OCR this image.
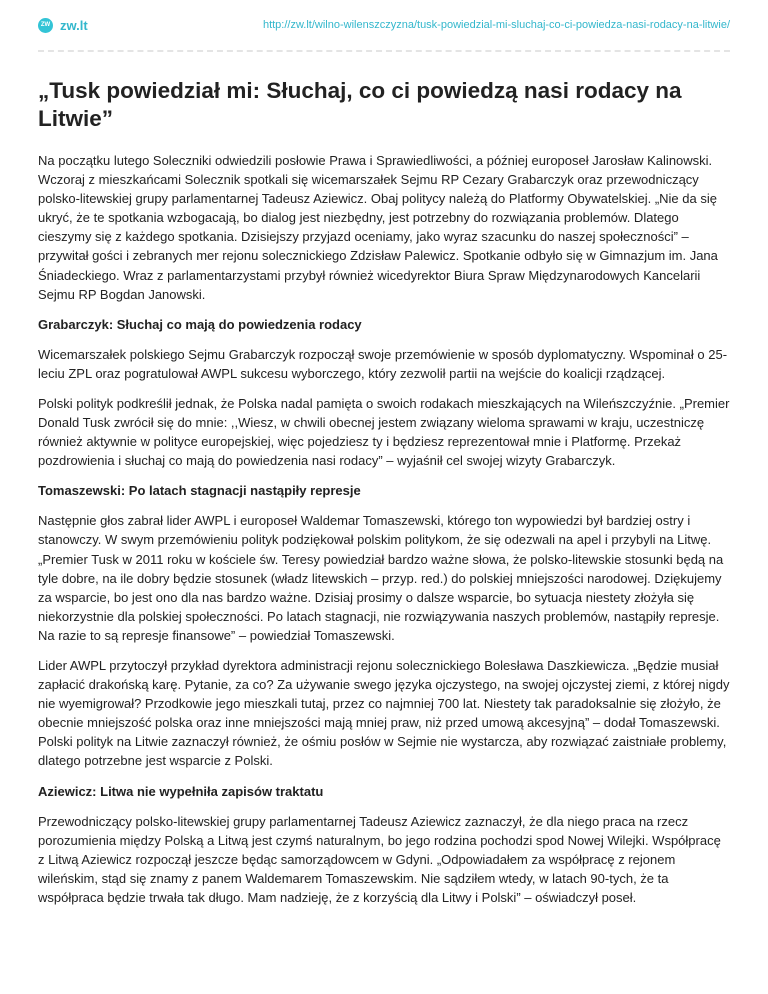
ZW zw.lt	http://zw.lt/wilno-wilenszczyzna/tusk-powiedzial-mi-sluchaj-co-ci-powiedza-nasi-rodacy-na-litwie/
„Tusk powiedział mi: Słuchaj, co ci powiedzą nasi rodacy na Litwie”

Na początku lutego Soleczniki odwiedzili posłowie Prawa i Sprawiedliwości, a później europoseł Jarosław Kalinowski. Wczoraj z mieszkańcami Solecznik spotkali się wicemarszałek Sejmu RP Cezary Grabarczyk oraz przewodniczący polsko-litewskiej grupy parlamentarnej Tadeusz Aziewicz. Obaj politycy należą do Platformy Obywatelskiej. „Nie da się ukryć, że te spotkania wzbogacają, bo dialog jest niezbędny, jest potrzebny do rozwiązania problemów. Dlatego cieszymy się z każdego spotkania. Dzisiejszy przyjazd oceniamy, jako wyraz szacunku do naszej społeczności” – przywitał gości i zebranych mer rejonu solecznickiego Zdzisław Palewicz. Spotkanie odbyło się w Gimnazjum im. Jana Śniadeckiego. Wraz z parlamentarzystami przybył również wicedyrektor Biura Spraw Międzynarodowych Kancelarii Sejmu RP Bogdan Janowski.

Grabarczyk: Słuchaj co mają do powiedzenia rodacy

Wicemarszałek polskiego Sejmu Grabarczyk rozpoczął swoje przemówienie w sposób dyplomatyczny. Wspominał o 25-leciu ZPL oraz pogratulował AWPL sukcesu wyborczego, który zezwolił partii na wejście do koalicji rządzącej.

Polski polityk podkreślił jednak, że Polska nadal pamięta o swoich rodakach mieszkających na Wileńszczyźnie. „Premier Donald Tusk zwrócił się do mnie: ,,Wiesz, w chwili obecnej jestem związany wieloma sprawami w kraju, uczestniczę również aktywnie w polityce europejskiej, więc pojedziesz ty i będziesz reprezentował mnie i Platformę. Przekaż pozdrowienia i słuchaj co mają do powiedzenia nasi rodacy” – wyjaśnił cel swojej wizyty Grabarczyk.

Tomaszewski: Po latach stagnacji nastąpiły represje

Następnie głos zabrał lider AWPL i europoseł Waldemar Tomaszewski, którego ton wypowiedzi był bardziej ostry i stanowczy. W swym przemówieniu polityk podziękował polskim politykom, że się odezwali na apel i przybyli na Litwę. „Premier Tusk w 2011 roku w kościele św. Teresy powiedział bardzo ważne słowa, że polsko-litewskie stosunki będą na tyle dobre, na ile dobry będzie stosunek (władz litewskich – przyp. red.) do polskiej mniejszości narodowej. Dziękujemy za wsparcie, bo jest ono dla nas bardzo ważne. Dzisiaj prosimy o dalsze wsparcie, bo sytuacja niestety złożyła się niekorzystnie dla polskiej społeczności. Po latach stagnacji, nie rozwiązywania naszych problemów, nastąpiły represje. Na razie to są represje finansowe” – powiedział Tomaszewski.

Lider AWPL przytoczył przykład dyrektora administracji rejonu solecznickiego Bolesława Daszkiewicza. „Będzie musiał zapłacić drakońską karę. Pytanie, za co? Za używanie swego języka ojczystego, na swojej ojczystej ziemi, z której nigdy nie wyemigrował? Przodkowie jego mieszkali tutaj, przez co najmniej 700 lat. Niestety tak paradoksalnie się złożyło, że obecnie mniejszość polska oraz inne mniejszości mają mniej praw, niż przed umową akcesyjną” – dodał Tomaszewski. Polski polityk na Litwie zaznaczył również, że ośmiu posłów w Sejmie nie wystarcza, aby rozwiązać zaistniałe problemy, dlatego potrzebne jest wsparcie z Polski.

Aziewicz: Litwa nie wypełniła zapisów traktatu

Przewodniczący polsko-litewskiej grupy parlamentarnej Tadeusz Aziewicz zaznaczył, że dla niego praca na rzecz porozumienia między Polską a Litwą jest czymś naturalnym, bo jego rodzina pochodzi spod Nowej Wilejki. Współpracę z Litwą Aziewicz rozpoczął jeszcze będąc samorządowcem w Gdyni. „Odpowiadałem za współpracę z rejonem wileńskim, stąd się znamy z panem Waldemarem Tomaszewskim. Nie sądziłem wtedy, w latach 90-tych, że ta współpraca będzie trwała tak długo. Mam nadzieję, że z korzyścią dla Litwy i Polski” – oświadczył poseł.
